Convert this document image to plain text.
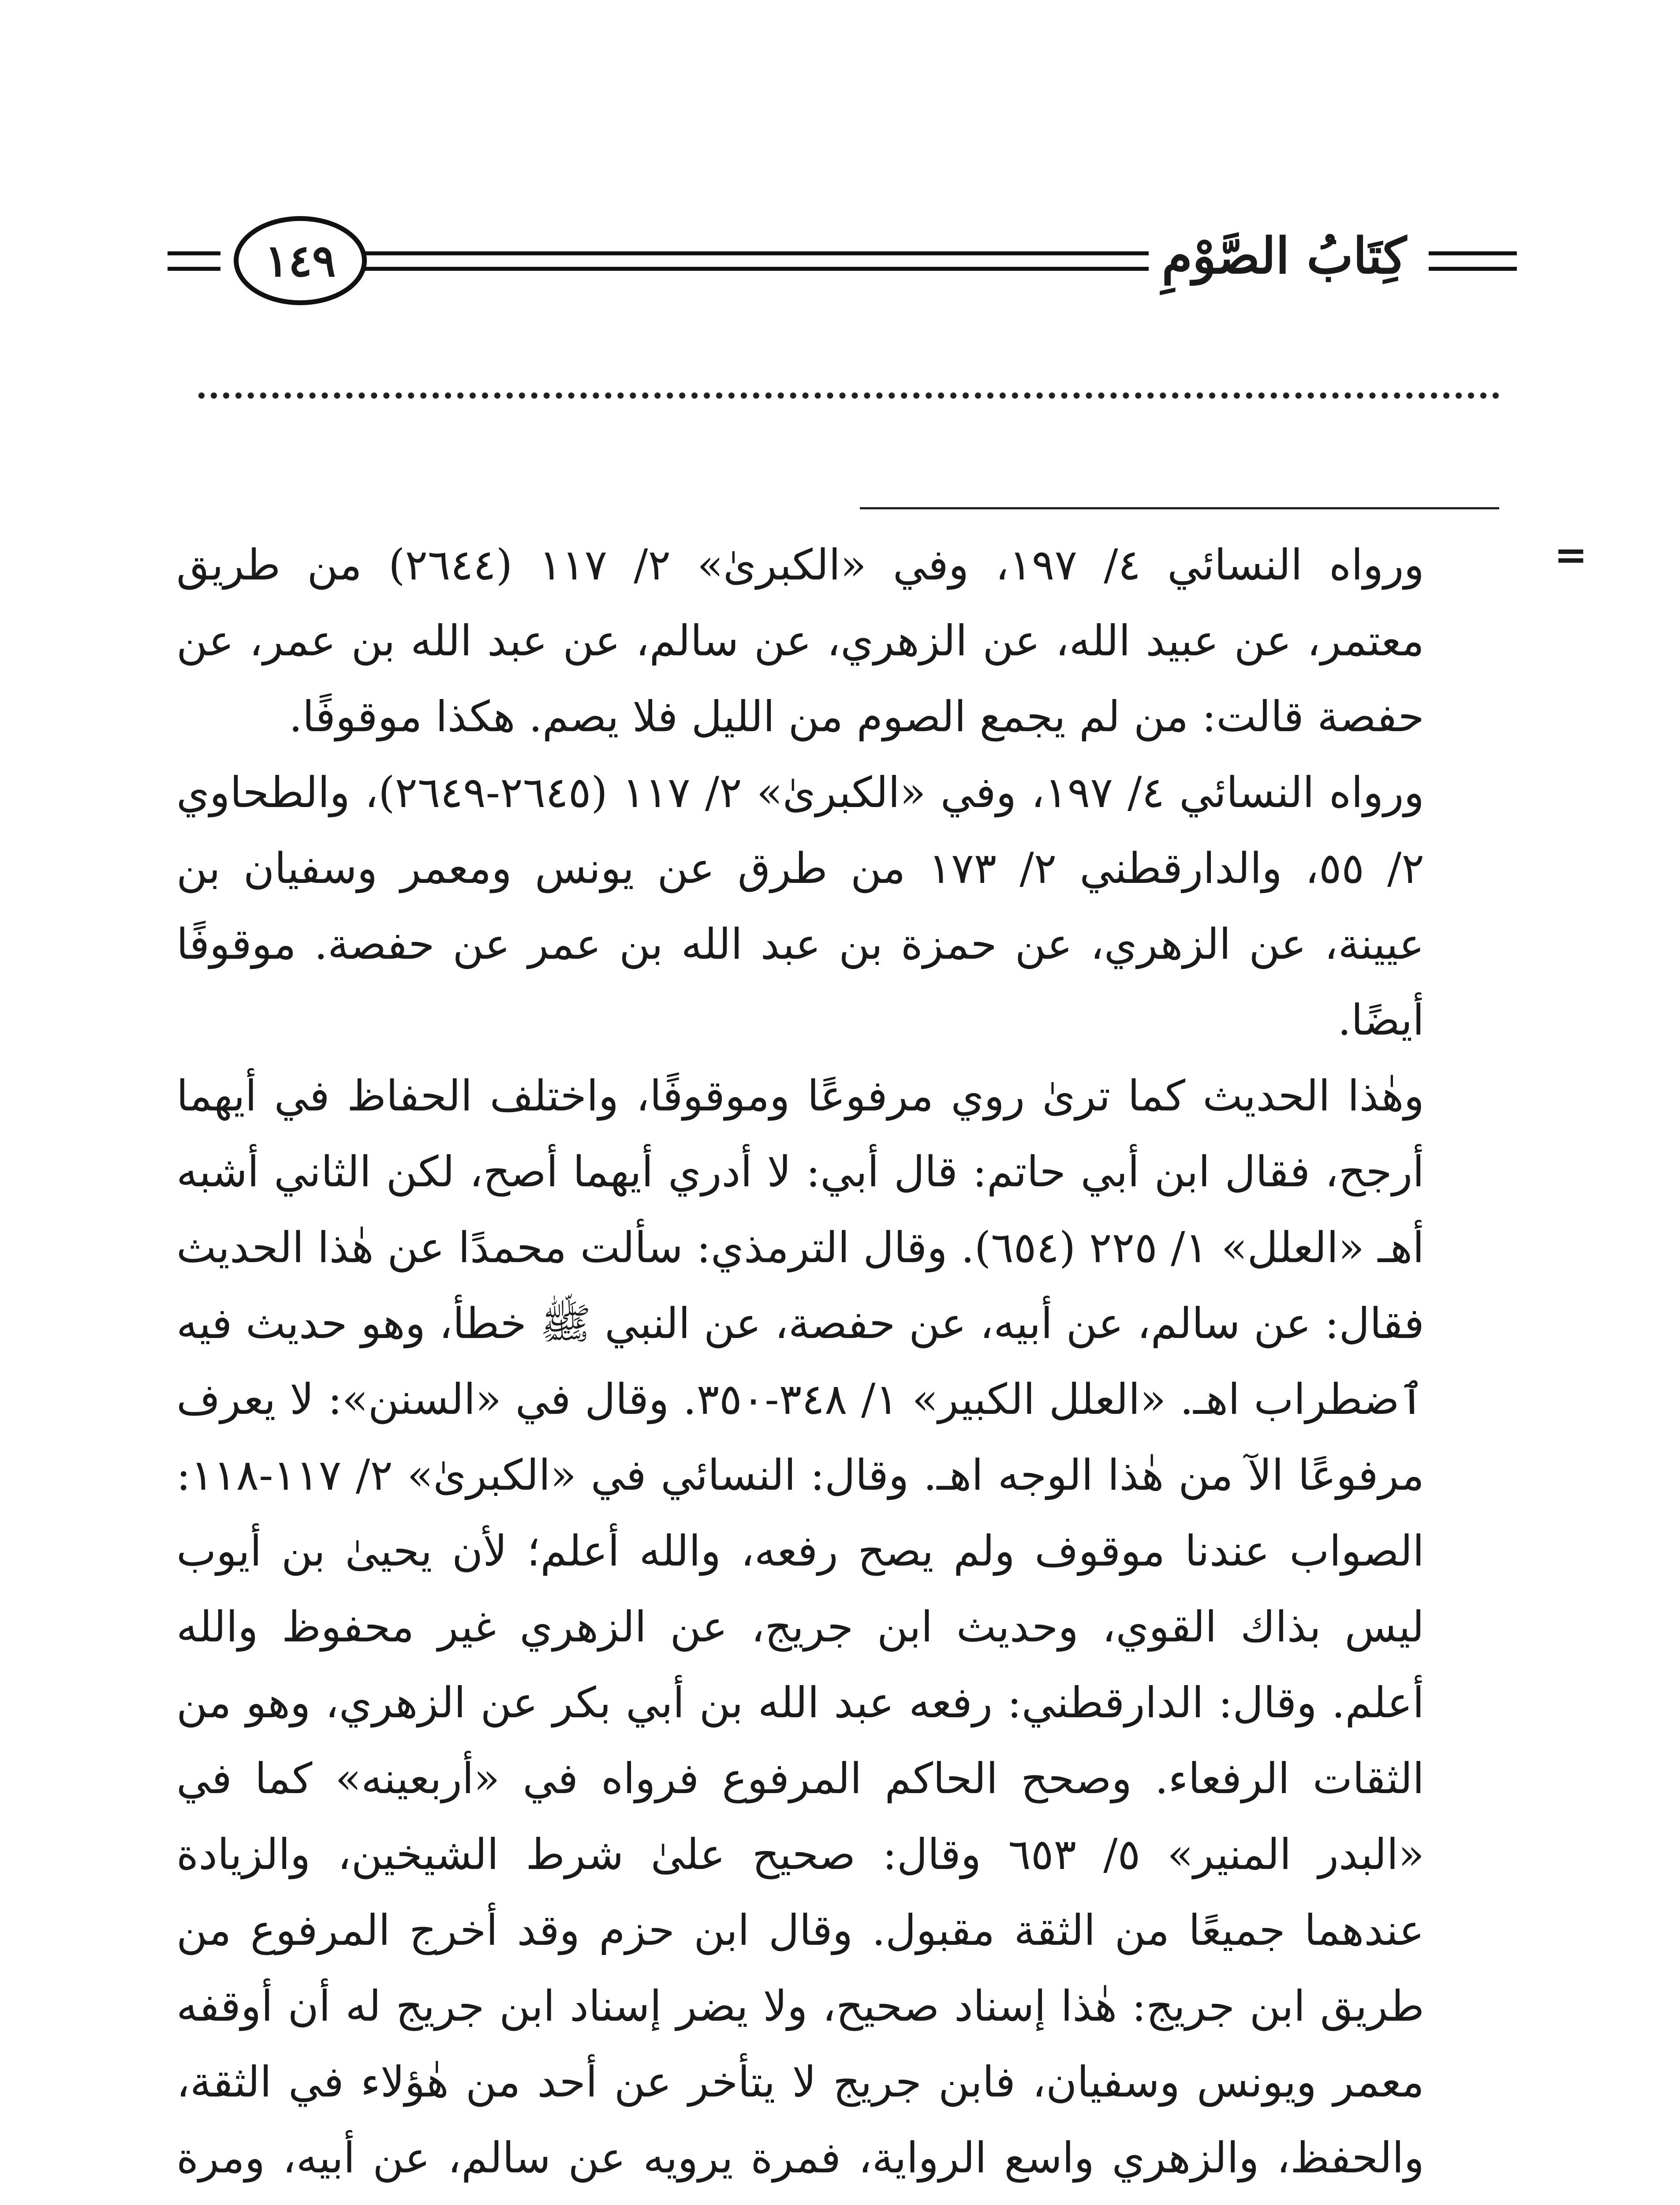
١٤٩	كِتَابُ الصَّوْمِ
=

ورواه النسائي ٤/ ١٩٧، وفي «الكبرىٰ» ٢/ ١١٧ (٢٦٤٤) من طريق معتمر، عن عبيد الله، عن الزهري، عن سالم، عن عبد الله بن عمر، عن حفصة قالت: من لم يجمع الصوم من الليل فلا يصم. هكذا موقوفًا.

ورواه النسائي ٤/ ١٩٧، وفي «الكبرىٰ» ٢/ ١١٧ (٢٦٤٥-٢٦٤٩)، والطحاوي ٢/ ٥٥، والدارقطني ٢/ ١٧٣ من طرق عن يونس ومعمر وسفيان بن عيينة، عن الزهري، عن حمزة بن عبد الله بن عمر عن حفصة. موقوفًا أيضًا.

وهٰذا الحديث كما ترىٰ روي مرفوعًا وموقوفًا، واختلف الحفاظ في أيهما أرجح، فقال ابن أبي حاتم: قال أبي: لا أدري أيهما أصح، لكن الثاني أشبه أهـ «العلل» ١/ ٢٢٥ (٦٥٤). وقال الترمذي: سألت محمدًا عن هٰذا الحديث فقال: عن سالم، عن أبيه، عن حفصة، عن النبي ﷺ خطأ، وهو حديث فيه ٱضطراب اهـ. «العلل الكبير» ١/ ٣٤٨-٣٥٠. وقال في «السنن»: لا يعرف مرفوعًا الآ من هٰذا الوجه اهـ. وقال: النسائي في «الكبرىٰ» ٢/ ١١٧-١١٨: الصواب عندنا موقوف ولم يصح رفعه، والله أعلم؛ لأن يحيىٰ بن أيوب ليس بذاك القوي، وحديث ابن جريج، عن الزهري غير محفوظ والله أعلم. وقال: الدارقطني: رفعه عبد الله بن أبي بكر عن الزهري، وهو من الثقات الرفعاء. وصحح الحاكم المرفوع فرواه في «أربعينه» كما في «البدر المنير» ٥/ ٦٥٣ وقال: صحيح علىٰ شرط الشيخين، والزيادة عندهما جميعًا من الثقة مقبول. وقال ابن حزم وقد أخرج المرفوع من طريق ابن جريج: هٰذا إسناد صحيح، ولا يضر إسناد ابن جريج له أن أوقفه معمر ويونس وسفيان، فابن جريج لا يتأخر عن أحد من هٰؤلاء في الثقة، والحفظ، والزهري واسع الرواية، فمرة يرويه عن سالم، عن أبيه، ومرة
